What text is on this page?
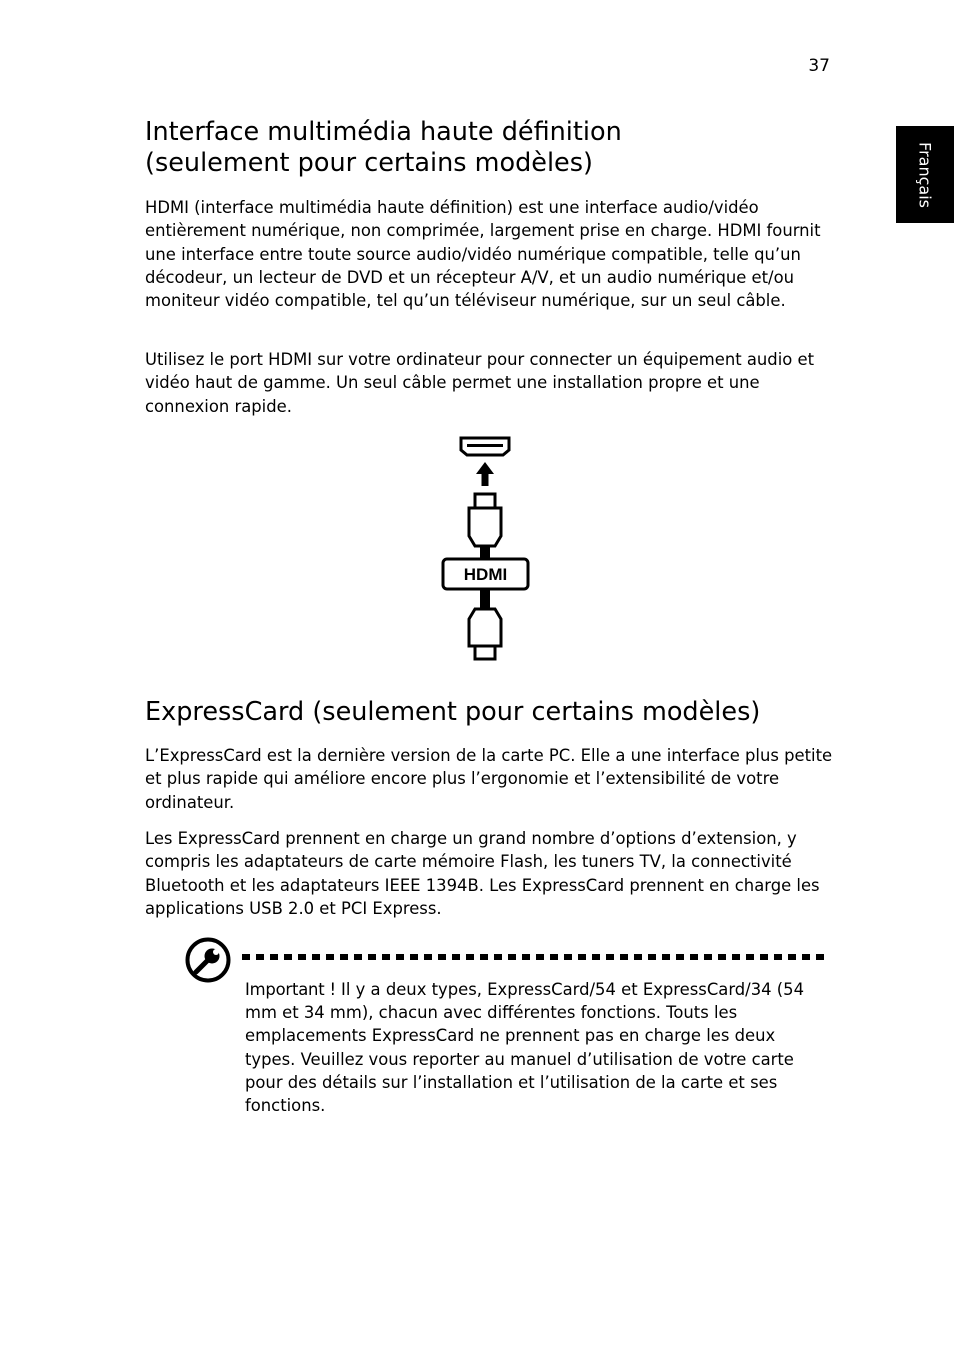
37
Français
Interface multimédia haute définition
(seulement pour certains modèles)

HDMI (interface multimédia haute définition) est une interface audio/vidéo entièrement numérique, non comprimée, largement prise en charge. HDMI fournit une interface entre toute source audio/vidéo numérique compatible, telle qu’un décodeur, un lecteur de DVD et un récepteur A/V, et un audio numérique et/ou moniteur vidéo compatible, tel qu’un téléviseur numérique, sur un seul câble.

Utilisez le port HDMI sur votre ordinateur pour connecter un équipement audio et vidéo haut de gamme. Un seul câble permet une installation propre et une connexion rapide.

HDMI
ExpressCard (seulement pour certains modèles)

L’ExpressCard est la dernière version de la carte PC. Elle a une interface plus petite et plus rapide qui améliore encore plus l’ergonomie et l’extensibilité de votre ordinateur.

Les ExpressCard prennent en charge un grand nombre d’options d’extension, y compris les adaptateurs de carte mémoire Flash, les tuners TV, la connectivité Bluetooth et les adaptateurs IEEE 1394B. Les ExpressCard prennent en charge les applications USB 2.0 et PCI Express.

Important ! Il y a deux types, ExpressCard/54 et ExpressCard/34 (54 mm et 34 mm), chacun avec différentes fonctions. Touts les emplacements ExpressCard ne prennent pas en charge les deux types. Veuillez vous reporter au manuel d’utilisation de votre carte pour des détails sur l’installation et l’utilisation de la carte et ses fonctions.
